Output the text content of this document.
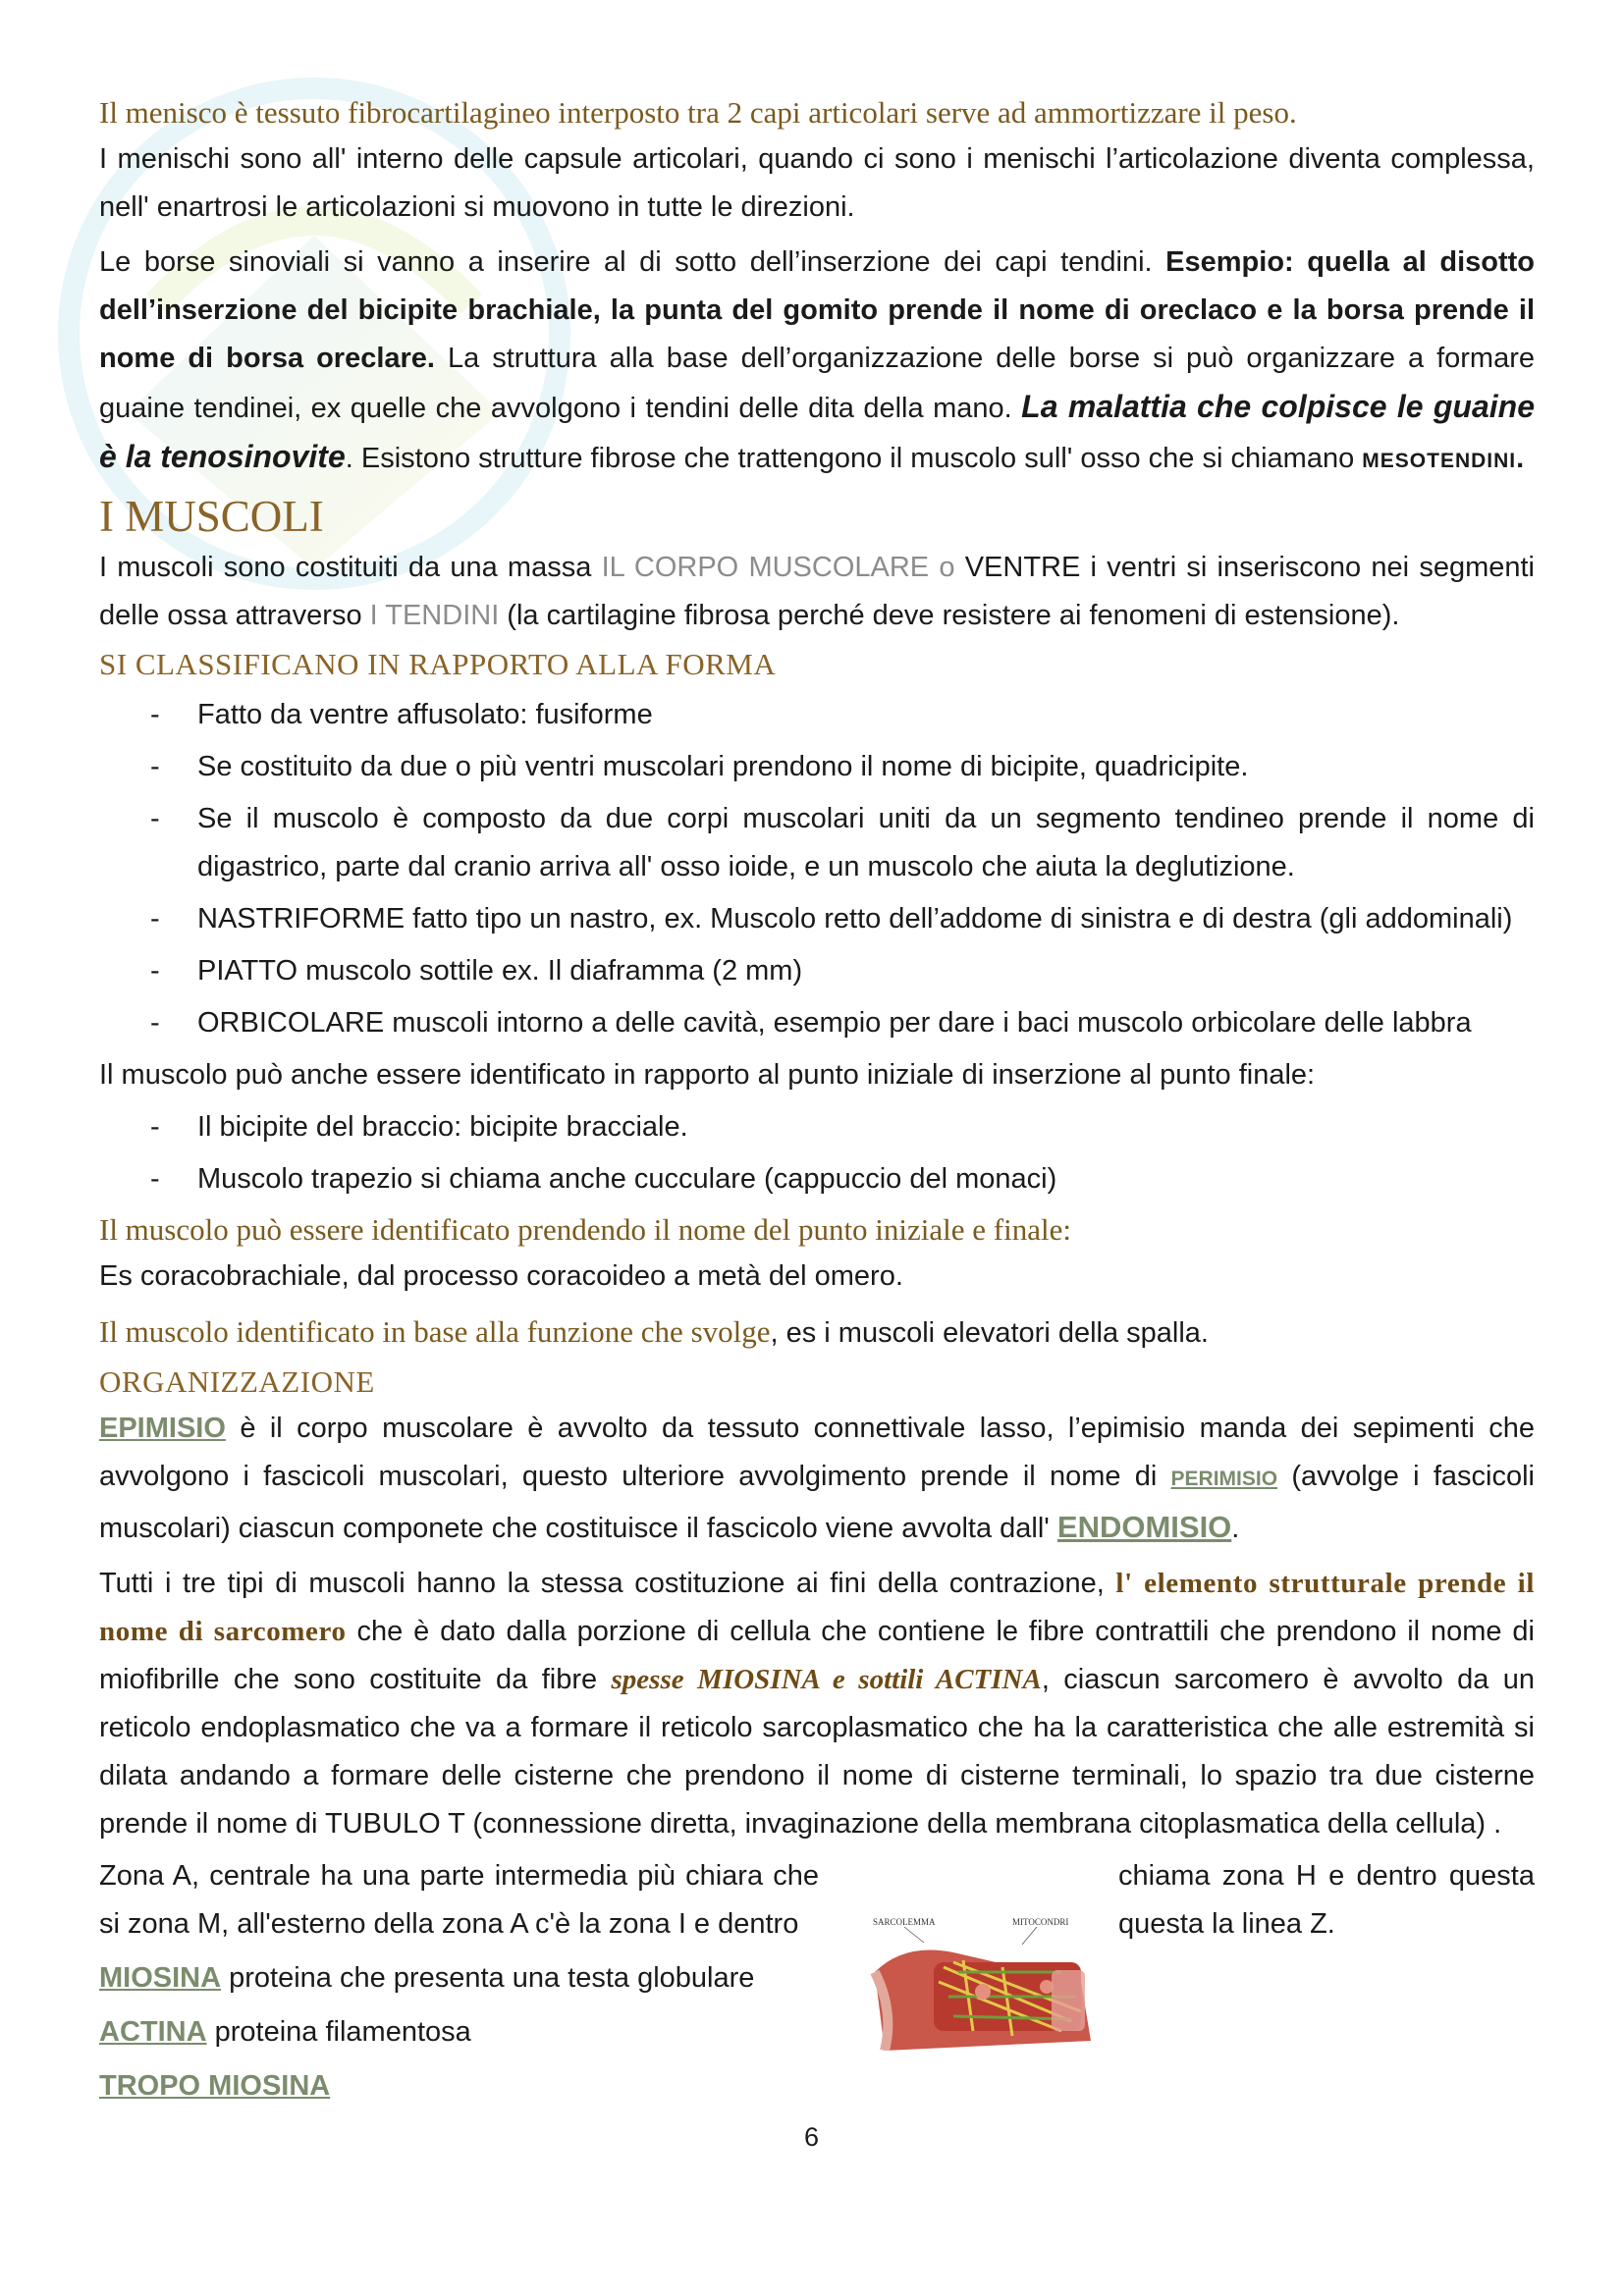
Il menisco è tessuto fibrocartilagineo interposto tra 2 capi articolari serve ad ammortizzare il peso.

I menischi sono all' interno delle capsule articolari, quando ci sono i menischi l’articolazione diventa complessa, nell' enartrosi le articolazioni si muovono in tutte le direzioni.

Le borse sinoviali si vanno a inserire al di sotto dell’inserzione dei capi tendini. Esempio: quella al disotto dell’inserzione del bicipite brachiale, la punta del gomito prende il nome di oreclaco e la borsa prende il nome di borsa oreclare. La struttura alla base dell’organizzazione delle borse si può organizzare a formare guaine tendinei, ex quelle che avvolgono i tendini delle dita della mano. La malattia che colpisce le guaine è la tenosinovite. Esistono strutture fibrose che trattengono il muscolo sull' osso che si chiamano MESOTENDINI.

I MUSCOLI

I muscoli sono costituiti da una massa IL CORPO MUSCOLARE o VENTRE i ventri si inseriscono nei segmenti delle ossa attraverso I TENDINI (la cartilagine fibrosa perché deve resistere ai fenomeni di estensione).

SI CLASSIFICANO IN RAPPORTO ALLA FORMA
- Fatto da ventre affusolato: fusiforme
- Se costituito da due o più ventri muscolari prendono il nome di bicipite, quadricipite.
- Se il muscolo è composto da due corpi muscolari uniti da un segmento tendineo prende il nome di digastrico, parte dal cranio arriva all' osso ioide, e un muscolo che aiuta la deglutizione.
- NASTRIFORME fatto tipo un nastro, ex. Muscolo retto dell’addome di sinistra e di destra (gli addominali)
- PIATTO muscolo sottile ex. Il diaframma (2 mm)
- ORBICOLARE muscoli intorno a delle cavità, esempio per dare i baci muscolo orbicolare delle labbra

Il muscolo può anche essere identificato in rapporto al punto iniziale di inserzione al punto finale:

- Il bicipite del braccio: bicipite bracciale.
- Muscolo trapezio si chiama anche cucculare (cappuccio del monaci)

Il muscolo può essere identificato prendendo il nome del punto iniziale e finale:

Es coracobrachiale, dal processo coracoideo a metà del omero.

Il muscolo identificato in base alla funzione che svolge, es i muscoli elevatori della spalla.

ORGANIZZAZIONE

EPIMISIO è il corpo muscolare è avvolto da tessuto connettivale lasso, l’epimisio manda dei sepimenti che avvolgono i fascicoli muscolari, questo ulteriore avvolgimento prende il nome di PERIMISIO (avvolge i fascicoli muscolari) ciascun componete che costituisce il fascicolo viene avvolta dall' ENDOMISIO.

Tutti i tre tipi di muscoli hanno la stessa costituzione ai fini della contrazione, l' elemento strutturale prende il nome di sarcomero che è dato dalla porzione di cellula che contiene le fibre contrattili che prendono il nome di miofibrille che sono costituite da fibre spesse MIOSINA e sottili ACTINA, ciascun sarcomero è avvolto da un reticolo endoplasmatico che va a formare il reticolo sarcoplasmatico che ha la caratteristica che alle estremità si dilata andando a formare delle cisterne che prendono il nome di cisterne terminali, lo spazio tra due cisterne prende il nome di TUBULO T (connessione diretta, invaginazione della membrana citoplasmatica della cellula) .

Zona A, centrale ha una parte intermedia più chiara che si zona M, all'esterno della zona A c'è la zona I e dentro
MIOSINA proteina che presenta una testa globulare
ACTINA proteina filamentosa
TROPO MIOSINA
SARCOLEMMA	MITOCONDRI
chiama zona H e dentro questa questa la linea Z.
6
